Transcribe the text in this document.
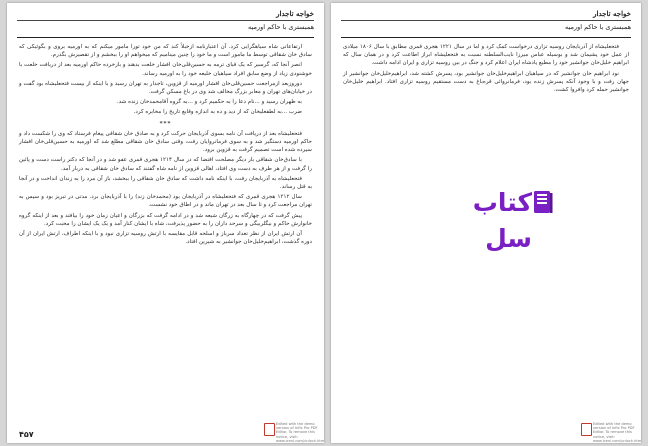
خواجه تاجدار
همبستری با حاکم اورمیه

ارتفاعاتی شاه سیاهگرایی کرد. آن اعتبارنامه ازخبلاً کند که من خود تورا مامور میکنم که به اورمیه بروی و بگوئیکی که سادق خان شقاقی توسط ما مامور است و ما خود را چنین مینامیم که میخواهم او را ببخشم و از تقصیرش بگذرم.

انصر آنجا که، گرسیر که یک قبای ترمه به حسین‌قلی‌خان افشار خلعت بدهند و بازخرده حاکم اورمیه بعد از دریافت خلعت با خوشنودی زیاد از وضع سابق افراد سپاهیان خلیعه خود را به اورمیه رساند.

دوروزبعد ازمراجعت حسین‌قلی‌خان افشار اورمیه از قزوین، تاجدار به تهران رسید و با اینکه از بیست فتحعلیشاه بود گفت و در خیابان‌های تهران و معابر بزرگ مخالف شد وی در باغ مسکن گرفت.

به ظهران رسید و ...نام دعا را به حکمیم کرد و ...به گروه آقامحمدخان زنده شد.

ضرب ...به لطفعلیخان که از دید و ده به اندازه وقایع تاریخ را مخابره کرد.

***

فتحعلیشاه بعد از دریافت آن نامه بسوی آذربایجان حرکت کرد و به صادق خان شقاقی پیغام فرستاد که وی را شکست داد و حاکم اورمیه دستگیر شد و به سوی فرمانروایان رفت، وقتی سادق خان شقاقی مطلع شد که اورمیه به حسین‌قلی‌خان افشار سپرده شده است تصمیم گرفت به قزوین برود.

با سادق‌خان شقاقی بار دیگر مصلحت اقتضا که در سال ۱۲۱۴ هجری قمری عفو شد و در آنجا که دکتر راست دست و پائین را گرفت و از هر طرف به دست وی افتاد، اهالی قزوین از نامه شاه گفتند که سادق خان شقاقی به دربار آمد.

فتحعلیشاه به آذربایجان رفت، با اینکه نامه داشت که سادق خان شقاقی را ببخشد، باز آن مرد را به زندان انداخت و در آنجا به قتل رساند.

سال ۱۲۱۲ هجری قمری که فتحعلیشاه در آذربایجان بود (محمدخان زند) را با آذربایجان برد. مدتی در تبریز بود و سپس به تهران مراجعت کرد و تا سال بعد در تهران ماند و در اطاق خود نشست.

پیش گرفت که در چهارگاه به زرگان شیعه شد و در ادامه گرفت که بزرگان و اعیان زمان خود را بیافتد و بعد از اینکه گروه خانوارش حاکم و بیگلربیگی و سرحد داران را به حضور پذیرفت، شاه با ایشان کنار آمد و یک یک ایشان را محبت کرد.

آن ارتش ایران از نظر تعداد سرباز و اسلحه قابل مقایسه با ارتش روسیه تزاری نبود و با اینکه اطراف، ارتش ایران از آن دوره گذشت، ابراهیم‌خلیل‌خان جوانشیر به شیرین افتاد.

۴۵۷
Edited with the demo version of Infix Pro PDF Editor. To remove this notice, visit: www.iceni.com/unlock.htm
خواجه تاجدار
همبستری با حاکم اورمیه

فتحعلیشاه از آذربایجان روسیه تزاری درخواست کمک کرد و اما در سال ۱۲۲۱ هجری قمری مطابق با سال ۱۸۰۶ میلادی از عمل خود پشیمان شد و بوسیله عباس میرزا نایب‌السلطنه نسبت به فتحعلیشاه ابراز اطاعت کرد و در همان سال که ابراهیم خلیل‌خان جوانشیر خود را مطیع پادشاه ایران اعلام کرد و جنگ در بین روسیه تزاری و ایران ادامه داشت.

نود ابراهیم خان جوانشیر که در سپاهیان ابراهیم‌خلیل‌خان جوانشیر بود، پسرش کشته شد، ابراهیم‌خلیل‌خان جوانشیر از جهان رفت و با وجود آنکه پسرش زنده بود، فرمانروائی قره‌باغ به دست مستقیم روسیه تزاری افتاد. ابراهیم خلیل‌خان جوانشیر حمله کرد وافروا کشت.

Edited with the demo version of Infix Pro PDF Editor. To remove this notice, visit: www.iceni.com/unlock.htm
کتاب سل
